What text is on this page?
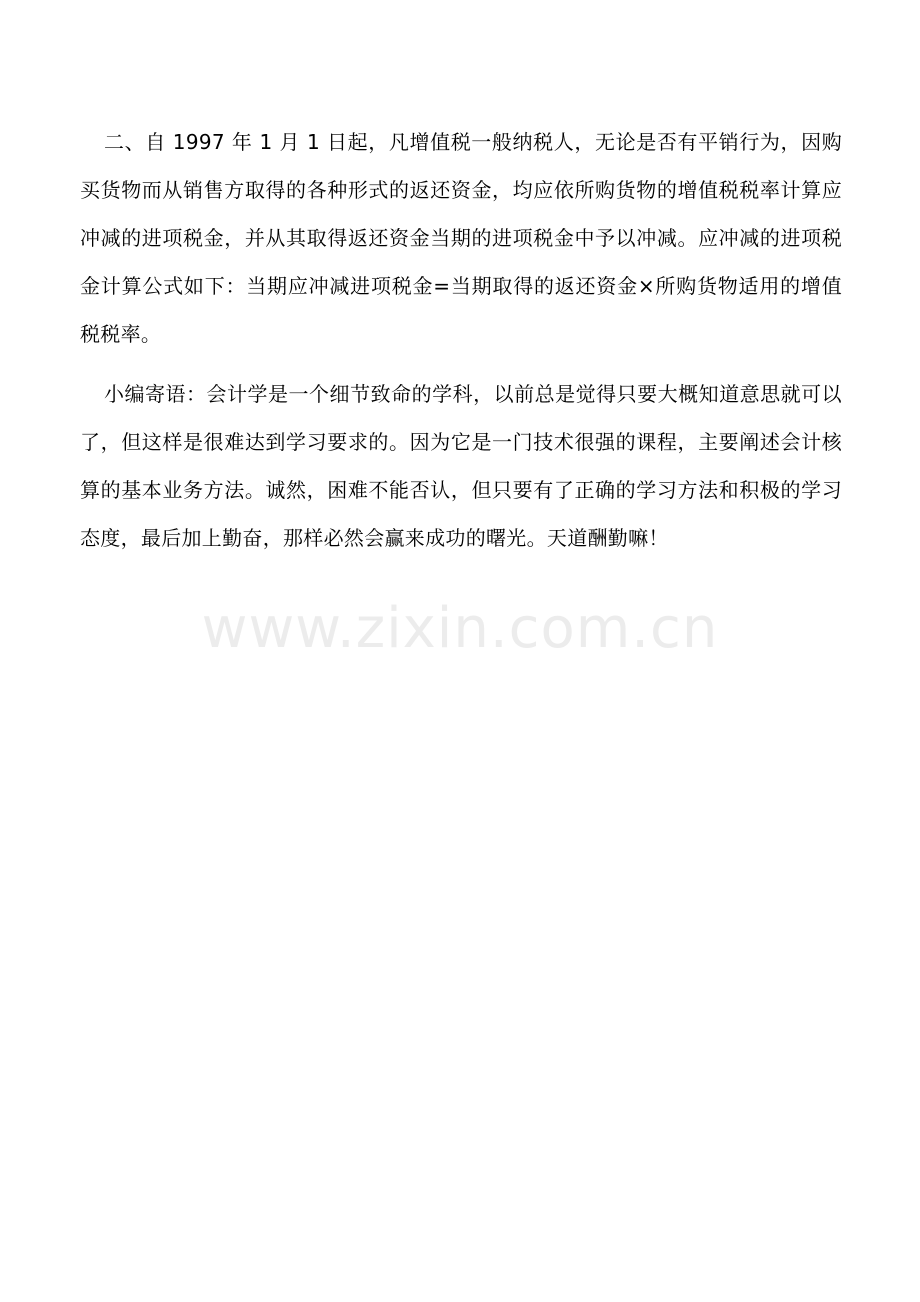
二、自 1997 年 1 月 1 日起，凡增值税一般纳税人，无论是否有平销行为，因购买货物而从销售方取得的各种形式的返还资金，均应依所购货物的增值税税率计算应冲减的进项税金，并从其取得返还资金当期的进项税金中予以冲减。应冲减的进项税金计算公式如下：当期应冲减进项税金=当期取得的返还资金×所购货物适用的增值税税率。

小编寄语：会计学是一个细节致命的学科，以前总是觉得只要大概知道意思就可以了，但这样是很难达到学习要求的。因为它是一门技术很强的课程，主要阐述会计核算的基本业务方法。诚然，困难不能否认，但只要有了正确的学习方法和积极的学习态度，最后加上勤奋，那样必然会赢来成功的曙光。天道酬勤嘛！

www.zixin.com.cn
